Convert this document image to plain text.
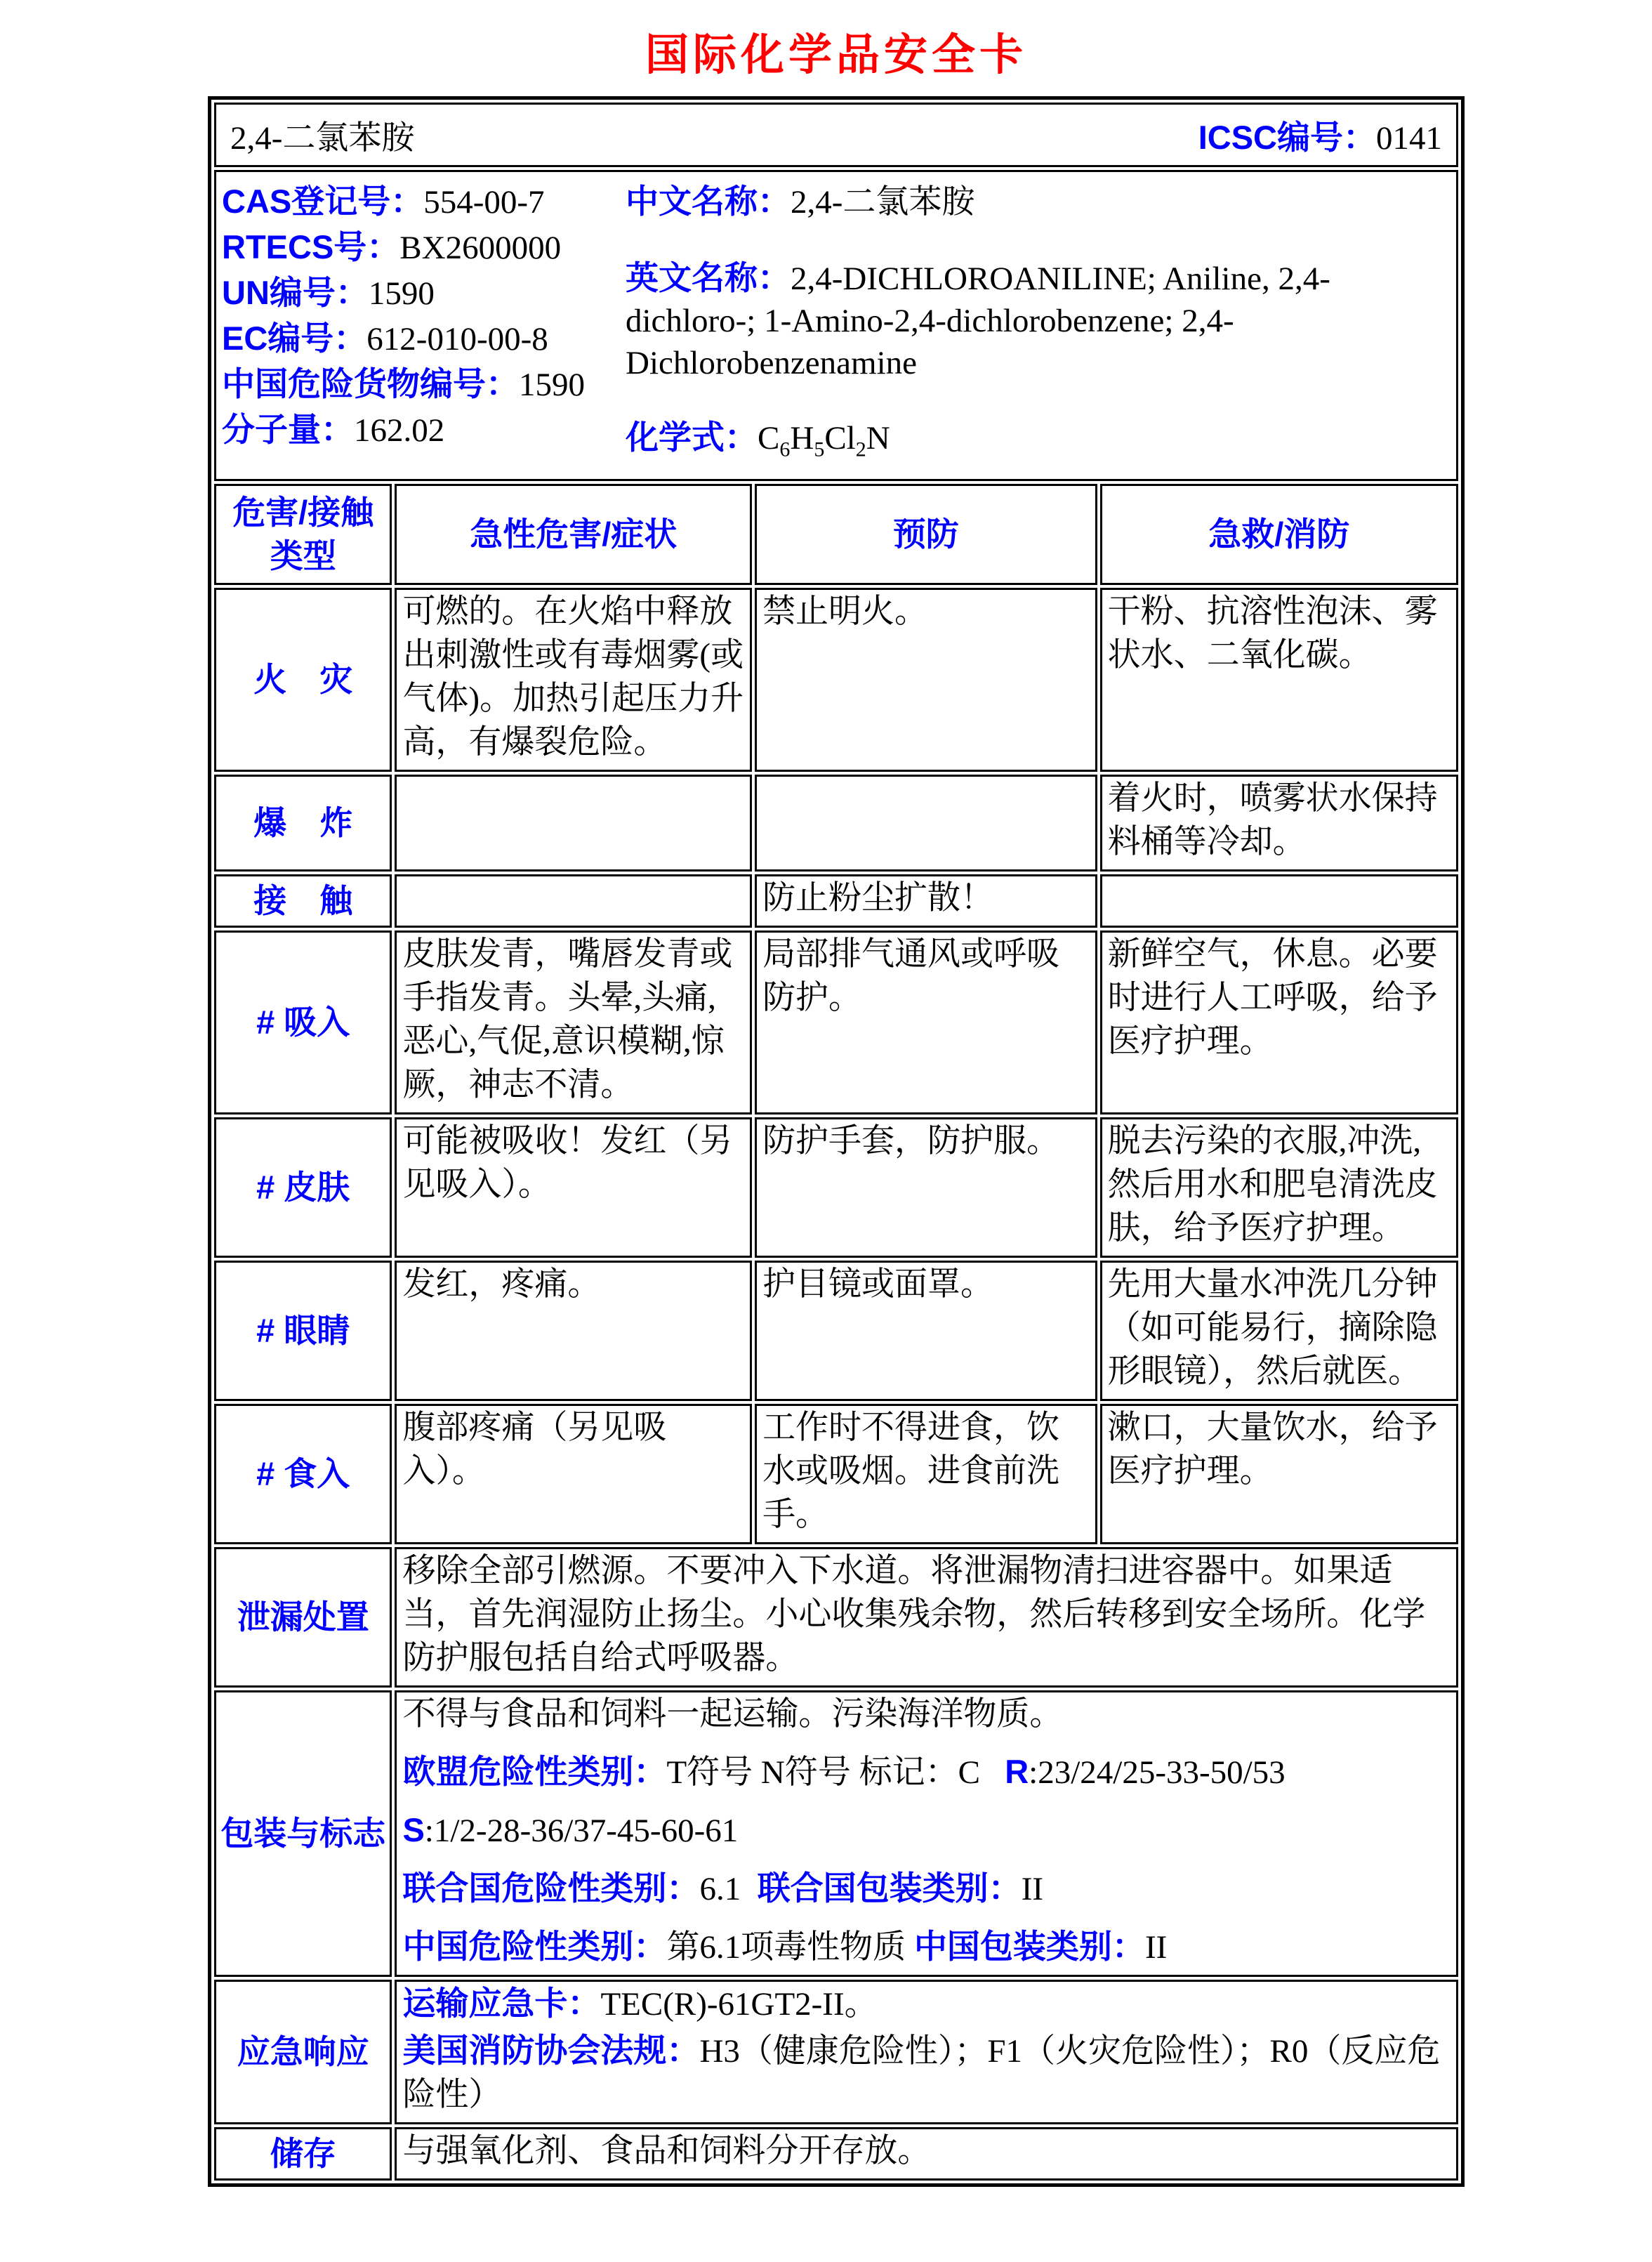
国际化学品安全卡
2,4-二氯苯胺 ICSC编号：0141			

CAS登记号：554-00-7
RTECS号：BX2600000
UN编号：1590
EC编号：612-010-00-8
中国危险货物编号：1590
分子量：162.02
中文名称：2,4-二氯苯胺
英文名称：2,4-DICHLOROANILINE; Aniline, 2,4-dichloro-; 1-Amino-2,4-dichlorobenzene; 2,4-Dichlorobenzenamine
化学式：$C_6H_5Cl_2N$

危害/接触类型	急性危害/症状	预防	急救/消防
火　灾	可燃的。在火焰中释放出刺激性或有毒烟雾(或气体)。加热引起压力升高，有爆裂危险。	禁止明火。	干粉、抗溶性泡沫、雾状水、二氧化碳。
爆　炸			着火时，喷雾状水保持料桶等冷却。
接　触		防止粉尘扩散！	
# 吸入	皮肤发青，嘴唇发青或手指发青。头晕,头痛,恶心,气促,意识模糊,惊厥，神志不清。	局部排气通风或呼吸防护。	新鲜空气，休息。必要时进行人工呼吸，给予医疗护理。
# 皮肤	可能被吸收！发红（另见吸入）。	防护手套，防护服。	脱去污染的衣服,冲洗,然后用水和肥皂清洗皮肤，给予医疗护理。
# 眼睛	发红，疼痛。	护目镜或面罩。	先用大量水冲洗几分钟（如可能易行，摘除隐形眼镜），然后就医。
# 食入	腹部疼痛（另见吸入）。	工作时不得进食，饮水或吸烟。进食前洗手。	漱口，大量饮水，给予医疗护理。
泄漏处置	移除全部引燃源。不要冲入下水道。将泄漏物清扫进容器中。如果适当，首先润湿防止扬尘。小心收集残余物，然后转移到安全场所。化学防护服包括自给式呼吸器。		
包装与标志	不得与食品和饲料一起运输。污染海洋物质。

欧盟危险性类别：T符号 N符号 标记：C R:23/24/25-33-50/53

S:1/2-28-36/37-45-60-61

联合国危险性类别：6.1 联合国包装类别：II

中国危险性类别：第6.1项毒性物质 中国包装类别：II		

应急响应	运输应急卡：TEC(R)-61GT2-II。

美国消防协会法规：H3（健康危险性）；F1（火灾危险性）；R0（反应危险性）		

储存	与强氧化剂、食品和饲料分开存放。		
